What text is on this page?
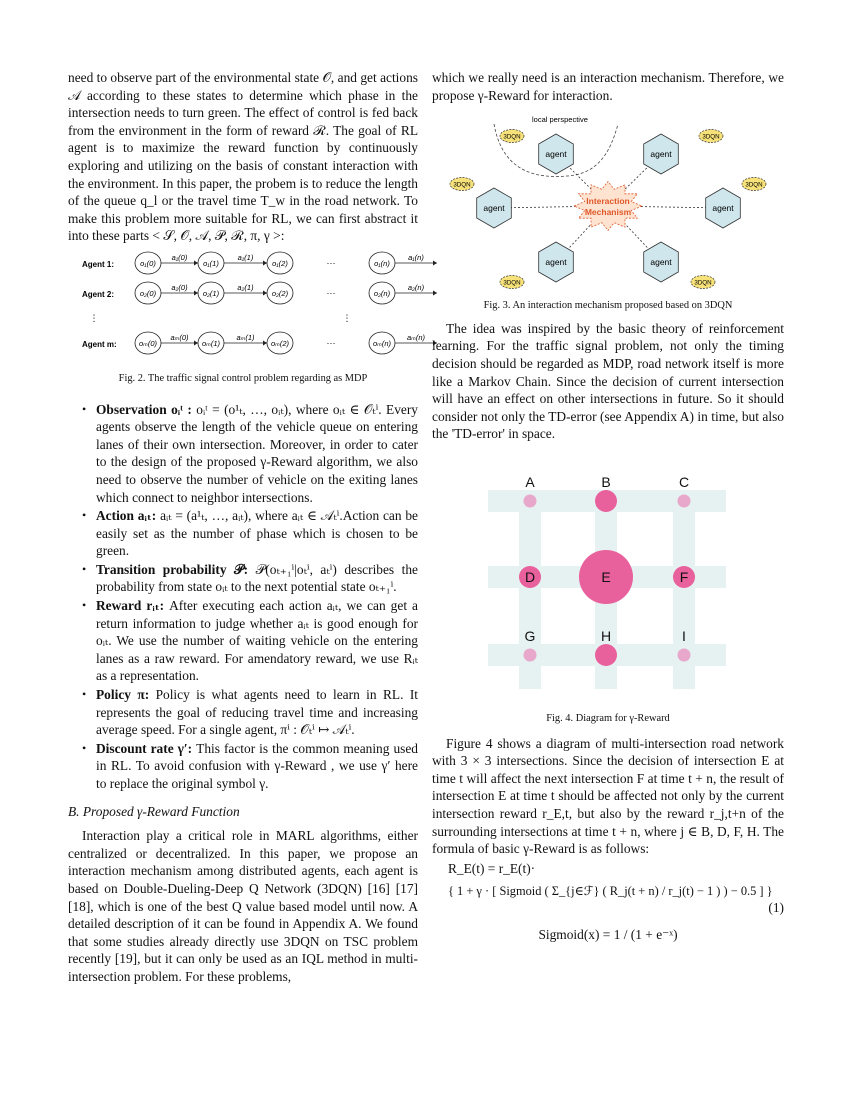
need to observe part of the environmental state 𝒪, and get actions 𝒜 according to these states to determine which phase in the intersection needs to turn green. The effect of control is fed back from the environment in the form of reward ℛ. The goal of RL agent is to maximize the reward function by continuously exploring and utilizing on the basis of constant interaction with the environment. In this paper, the probem is to reduce the length of the queue q_l or the travel time T_w in the road network. To make this problem more suitable for RL, we can first abstract it into these parts < 𝒮, 𝒪, 𝒜, 𝒫, ℛ, π, γ >:

Agent 1:	o₁(0)	o₁(1)	o₁(2)	o₁(n)
a₁(0)	a₁(1)	a₁(n)
···
Agent 2:	o₂(0)	o₂(1)	o₂(2)	o₂(n)
a₂(0)	a₂(1)	a₂(n)
···
Agent m:	oₘ(0)	oₘ(1)	oₘ(2)	oₘ(n)
aₘ(0)	aₘ(1)	aₘ(n)
···
⋮	⋮

Fig. 2. The traffic signal control problem regarding as MDP

• Observation oᵢᵗ : oᵢᵗ = (o¹ₜ, …, oᵢₜ), where oᵢₜ ∈ 𝒪ₜⁱ. Every agents observe the length of the vehicle queue on entering lanes of their own intersection. Moreover, in order to cater to the design of the proposed γ-Reward algorithm, we also need to observe the number of vehicle on the exiting lanes which connect to neighbor intersections.
• Action aᵢₜ: aᵢₜ = (a¹ₜ, …, aᵢₜ), where aᵢₜ ∈ 𝒜ₜⁱ.Action can be easily set as the number of phase which is chosen to be green.
• Transition probability 𝒫: 𝒫(oₜ₊₁ⁱ|oₜⁱ, aₜⁱ) describes the probability from state oᵢₜ to the next potential state oₜ₊₁ⁱ.
• Reward rᵢₜ: After executing each action aᵢₜ, we can get a return information to judge whether aᵢₜ is good enough for oᵢₜ. We use the number of waiting vehicle on the entering lanes as a raw reward. For amendatory reward, we use Rᵢₜ as a representation.
• Policy π: Policy is what agents need to learn in RL. It represents the goal of reducing travel time and increasing average speed. For a single agent, πⁱ : 𝒪ₜⁱ ↦ 𝒜ₜⁱ.
• Discount rate γ′: This factor is the common meaning used in RL. To avoid confusion with γ-Reward , we use γ′ here to replace the original symbol γ.

B. Proposed γ-Reward Function

Interaction play a critical role in MARL algorithms, either centralized or decentralized. In this paper, we propose an interaction mechanism among distributed agents, each agent is based on Double-Dueling-Deep Q Network (3DQN) [16] [17] [18], which is one of the best Q value based model until now. A detailed description of it can be found in Appendix A. We found that some studies already directly use 3DQN on TSC problem recently [19], but it can only be used as an IQL method in multi-intersection problem. For these problems,

which we really need is an interaction mechanism. Therefore, we propose γ-Reward for interaction.

local perspective
Interaction
Mechanism
3DQN	3DQN
3DQN	3DQN
3DQN	3DQN
agent	agent
agent	agent
agent	agent

Fig. 3. An interaction mechanism proposed based on 3DQN

The idea was inspired by the basic theory of reinforcement learning. For the traffic signal problem, not only the timing decision should be regarded as MDP, road network itself is more like a Markov Chain. Since the decision of current intersection will have an effect on other intersections in future. So it should consider not only the TD-error (see Appendix A) in time, but also the 'TD-error' in space.

A	B	C
D	E	F
G	H	I

Fig. 4. Diagram for γ-Reward

Figure 4 shows a diagram of multi-intersection road network with 3 × 3 intersections. Since the decision of intersection E at time t will affect the next intersection F at time t + n, the result of intersection E at time t should be affected not only by the current intersection reward r_E,t, but also by the reward r_j,t+n of the surrounding intersections at time t + n, where j ∈ B, D, F, H. The formula of basic γ-Reward is as follows:

R_E(t) = r_E(t)·

{ 1 + γ · [ Sigmoid ( Σ_{j∈ℱ} ( R_j(t + n) / r_j(t) − 1 ) ) − 0.5 ] }

(1)

Sigmoid(x) = 1 / (1 + e⁻ˣ)
